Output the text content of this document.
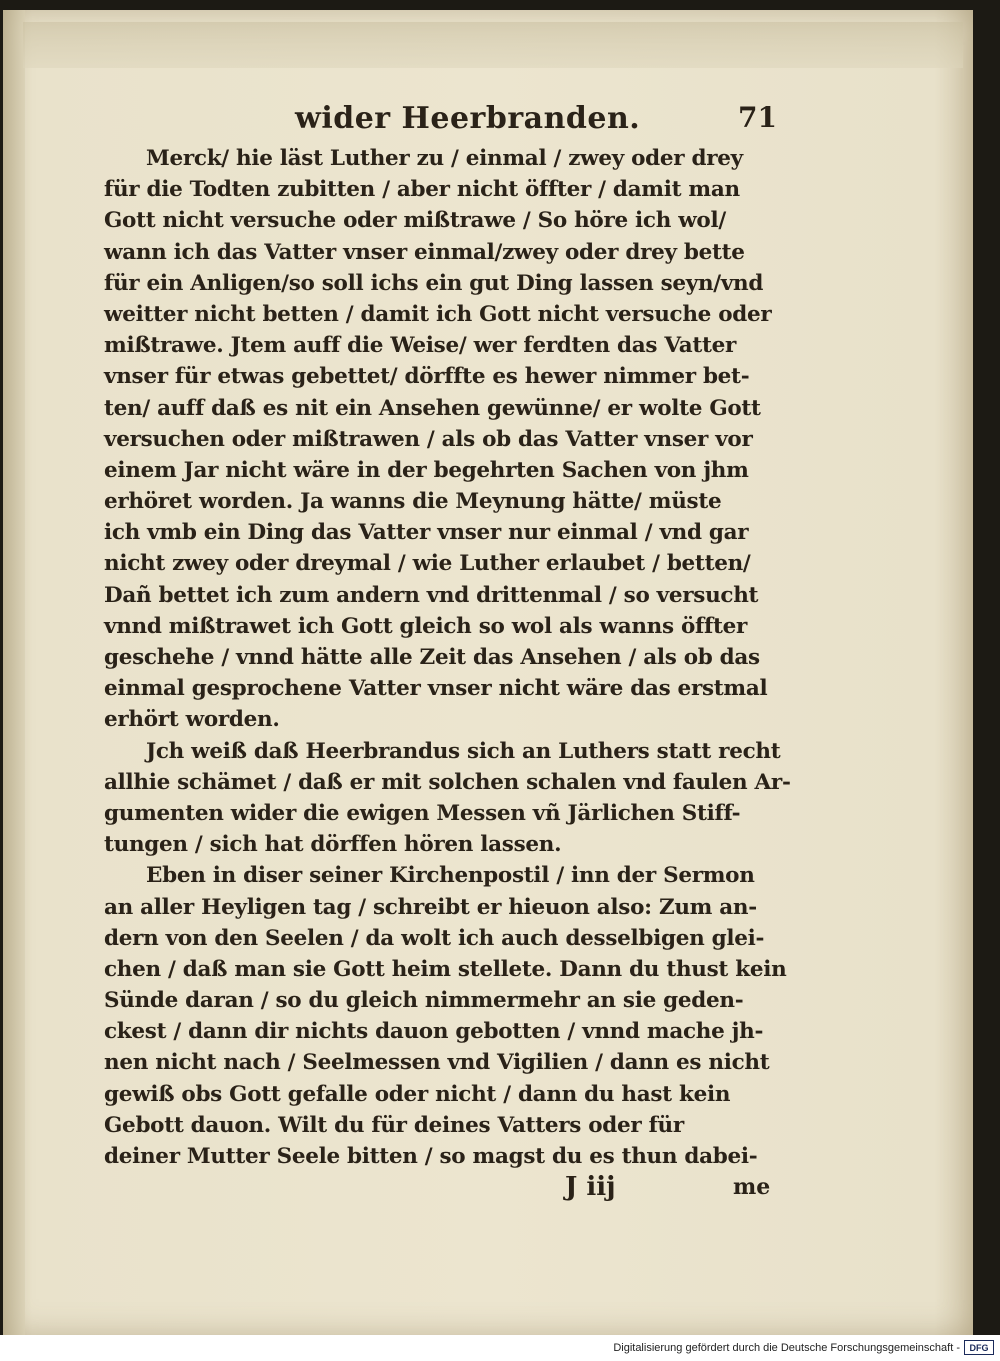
wider Heerbranden.	71
Merck/ hie läst Luther zu / einmal / zwey oder drey
für die Todten zubitten / aber nicht öffter / damit man
Gott nicht versuche oder mißtrawe / So höre ich wol/
wann ich das Vatter vnser einmal/zwey oder drey bette
für ein Anligen/so soll ichs ein gut Ding lassen seyn/vnd
weitter nicht betten / damit ich Gott nicht versuche oder
mißtrawe. Jtem auff die Weise/ wer ferdten das Vatter
vnser für etwas gebettet/ dörffte es hewer nimmer bet-
ten/ auff daß es nit ein Ansehen gewünne/ er wolte Gott
versuchen oder mißtrawen / als ob das Vatter vnser vor
einem Jar nicht wäre in der begehrten Sachen von jhm
erhöret worden. Ja wanns die Meynung hätte/ müste
ich vmb ein Ding das Vatter vnser nur einmal / vnd gar
nicht zwey oder dreymal / wie Luther erlaubet / betten/
Dañ bettet ich zum andern vnd drittenmal / so versucht
vnnd mißtrawet ich Gott gleich so wol als wanns öffter
geschehe / vnnd hätte alle Zeit das Ansehen / als ob das
einmal gesprochene Vatter vnser nicht wäre das erstmal
erhört worden.
Jch weiß daß Heerbrandus sich an Luthers statt recht
allhie schämet / daß er mit solchen schalen vnd faulen Ar-
gumenten wider die ewigen Messen vñ Järlichen Stiff-
tungen / sich hat dörffen hören lassen.
Eben in diser seiner Kirchenpostil / inn der Sermon
an aller Heyligen tag / schreibt er hieuon also: Zum an-
dern von den Seelen / da wolt ich auch desselbigen glei-
chen / daß man sie Gott heim stellete. Dann du thust kein
Sünde daran / so du gleich nimmermehr an sie geden-
ckest / dann dir nichts dauon gebotten / vnnd mache jh-
nen nicht nach / Seelmessen vnd Vigilien / dann es nicht
gewiß obs Gott gefalle oder nicht / dann du hast kein
Gebott dauon. Wilt du für deines Vatters oder für
deiner Mutter Seele bitten / so magst du es thun dabei-
J iij	me
Digitalisierung gefördert durch die Deutsche Forschungsgemeinschaft -	DFG
